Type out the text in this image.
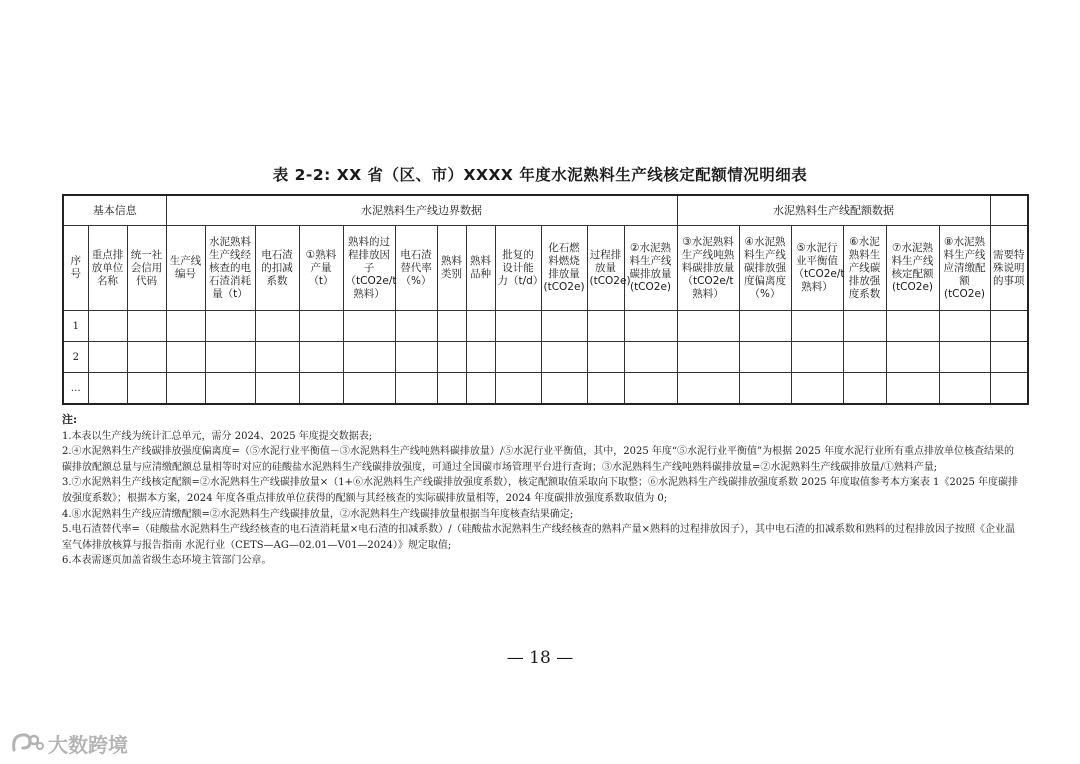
表 2-2: XX 省（区、市）XXXX 年度水泥熟料生产线核定配额情况明细表
基本信息			水泥熟料生产线边界数据												水泥熟料生产线配额数据						
序号	重点排放单位名称	统一社会信用代码	生产线编号	水泥熟料生产线经核查的电石渣消耗量（t）	电石渣的扣减系数	①熟料产量（t）	熟料的过程排放因子（tCO2e/t 熟料）	电石渣替代率（%）	熟料类别	熟料品种	批复的设计能力（t/d）	化石燃料燃烧排放量(tCO2e)	过程排放量(tCO2e)	②水泥熟料生产线碳排放量(tCO2e)	③水泥熟料生产线吨熟料碳排放量（tCO2e/t 熟料）	④水泥熟料生产线碳排放强度偏离度（%）	⑤水泥行业平衡值（tCO2e/t 熟料）	⑥水泥熟料生产线碳排放强度系数	⑦水泥熟料生产线核定配额(tCO2e)	⑧水泥熟料生产线应清缴配额(tCO2e)	需要特殊说明的事项
1																					
2																					
…																					
注:

1.本表以生产线为统计汇总单元，需分 2024、2025 年度提交数据表;

2.④水泥熟料生产线碳排放强度偏离度=（⑤水泥行业平衡值－③水泥熟料生产线吨熟料碳排放量）/⑤水泥行业平衡值，其中，2025 年度“⑤水泥行业平衡值”为根据 2025 年度水泥行业所有重点排放单位核查结果的碳排放配额总量与应清缴配额总量相等时对应的硅酸盐水泥熟料生产线碳排放强度，可通过全国碳市场管理平台进行查询；③水泥熟料生产线吨熟料碳排放量=②水泥熟料生产线碳排放量/①熟料产量;

3.⑦水泥熟料生产线核定配额=②水泥熟料生产线碳排放量×（1+⑥水泥熟料生产线碳排放强度系数），核定配额取值采取向下取整；⑥水泥熟料生产线碳排放强度系数 2025 年度取值参考本方案表 1《2025 年度碳排放强度系数》；根据本方案，2024 年度各重点排放单位获得的配额与其经核查的实际碳排放量相等，2024 年度碳排放强度系数取值为 0;

4.⑧水泥熟料生产线应清缴配额=②水泥熟料生产线碳排放量，②水泥熟料生产线碳排放量根据当年度核查结果确定;

5.电石渣替代率=（硅酸盐水泥熟料生产线经核查的电石渣消耗量×电石渣的扣减系数）/（硅酸盐水泥熟料生产线经核查的熟料产量×熟料的过程排放因子），其中电石渣的扣减系数和熟料的过程排放因子按照《企业温室气体排放核算与报告指南 水泥行业（CETS—AG—02.01—V01—2024）》规定取值;

6.本表需逐页加盖省级生态环境主管部门公章。

— 18 —
大数跨境
